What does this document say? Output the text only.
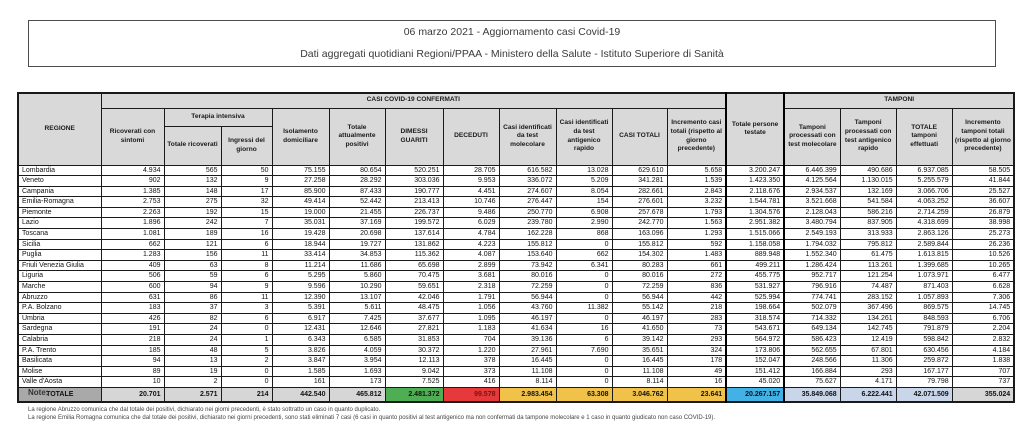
06 marzo 2021 - Aggiornamento casi Covid-19
Dati aggregati quotidiani Regioni/PPAA - Ministero della Salute - Istituto Superiore di Sanità
REGIONE	CASI COVID-19 CONFERMATI											Totale persone testate	TAMPONI			
	Ricoverati con sintomi	Terapia intensiva		Isolamento domiciliare	Totale attualmente positivi	DIMESSI GUARITI	DECEDUTI	Casi identificati da test molecolare	Casi identificati da test antigenico rapido	CASI TOTALI	Incremento casi totali (rispetto al giorno precedente)		Tamponi processati con test molecolare	Tamponi processati con test antigenico rapido	TOTALE tamponi effettuati	Incremento tamponi totali (rispetto al giorno precedente)
		Totale ricoverati	Ingressi del giorno													
Lombardia	4.934	565	50	75.155	80.654	520.251	28.705	616.582	13.028	629.610	5.658	3.200.247	6.446.399	490.686	6.937.085	58.505
Veneto	902	132	9	27.258	28.292	303.036	9.953	336.072	5.209	341.281	1.539	1.423.350	4.125.564	1.130.015	5.255.579	41.844
Campania	1.385	148	17	85.900	87.433	190.777	4.451	274.607	8.054	282.661	2.843	2.118.676	2.934.537	132.169	3.066.706	25.527
Emilia-Romagna	2.753	275	32	49.414	52.442	213.413	10.746	276.447	154	276.601	3.232	1.544.781	3.521.668	541.584	4.063.252	36.607
Piemonte	2.263	192	15	19.000	21.455	226.737	9.486	250.770	6.908	257.678	1.793	1.304.576	2.128.043	586.216	2.714.259	26.879
Lazio	1.896	242	7	35.031	37.169	199.572	6.029	239.780	2.990	242.770	1.563	2.951.382	3.480.794	837.905	4.318.699	38.998
Toscana	1.081	189	16	19.428	20.698	137.614	4.784	162.228	868	163.096	1.293	1.515.066	2.549.193	313.933	2.863.126	25.273
Sicilia	662	121	6	18.944	19.727	131.862	4.223	155.812	0	155.812	592	1.158.058	1.794.032	795.812	2.589.844	26.236
Puglia	1.283	156	11	33.414	34.853	115.362	4.087	153.640	662	154.302	1.483	889.948	1.552.340	61.475	1.613.815	10.526
Friuli Venezia Giulia	409	63	8	11.214	11.686	65.698	2.899	73.942	6.341	80.283	661	499.211	1.286.424	113.261	1.399.685	10.265
Liguria	506	59	6	5.295	5.860	70.475	3.681	80.016	0	80.016	272	455.775	952.717	121.254	1.073.971	6.477
Marche	600	94	9	9.596	10.290	59.651	2.318	72.259	0	72.259	836	531.927	796.916	74.487	871.403	6.628
Abruzzo	631	86	11	12.390	13.107	42.046	1.791	56.944	0	56.944	442	525.994	774.741	283.152	1.057.893	7.306
P.A. Bolzano	183	37	3	5.391	5.611	48.475	1.056	43.760	11.382	55.142	218	198.664	502.079	367.496	869.575	14.745
Umbria	426	82	6	6.917	7.425	37.677	1.095	46.197	0	46.197	283	318.574	714.332	134.261	848.593	6.706
Sardegna	191	24	0	12.431	12.646	27.821	1.183	41.634	16	41.650	73	543.671	649.134	142.745	791.879	2.204
Calabria	218	24	1	6.343	6.585	31.853	704	39.136	6	39.142	293	564.972	586.423	12.419	598.842	2.832
P.A. Trento	185	48	5	3.826	4.059	30.372	1.220	27.961	7.690	35.651	324	173.806	562.655	67.801	630.456	4.184
Basilicata	94	13	2	3.847	3.954	12.113	378	16.445	0	16.445	178	152.047	248.566	11.306	259.872	1.838
Molise	89	19	0	1.585	1.693	9.042	373	11.108	0	11.108	49	151.412	166.884	293	167.177	707
Valle d'Aosta	10	2	0	161	173	7.525	416	8.114	0	8.114	16	45.020	75.627	4.171	79.798	737
TOTALE	20.701	2.571	214	442.540	465.812	2.481.372	99.578	2.983.454	63.308	3.046.762	23.641	20.267.157	35.849.068	6.222.441	42.071.509	355.024
Note:
La regione Abruzzo comunica che dal totale dei positivi, dichiarato nei giorni precedenti, è stato sottratto un caso in quanto duplicato.
La regione Emilia Romagna comunica che dal totale dei positivi, dichiarato nei giorni precedenti, sono stati eliminati 7 casi (6 casi in quanto positivi al test antigenico ma non confermati da tampone molecolare e 1 caso in quanto giudicato non caso COVID-19).
